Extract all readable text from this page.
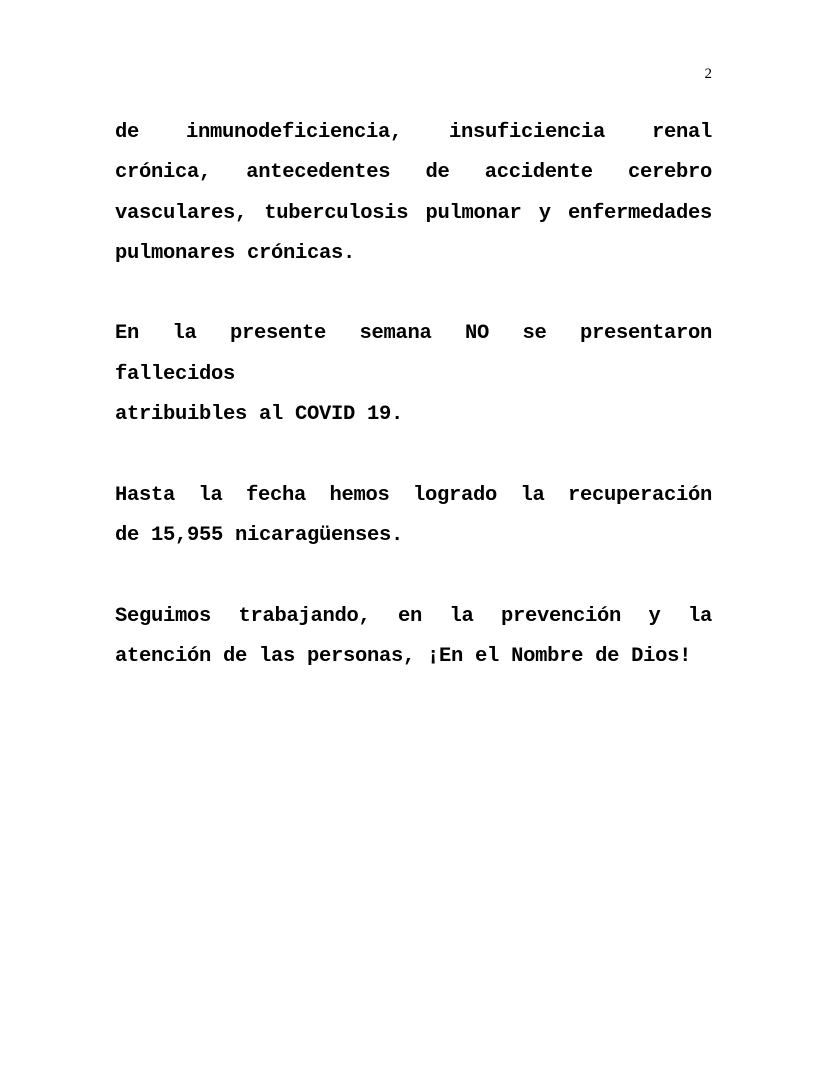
2
de inmunodeficiencia, insuficiencia renal
crónica, antecedentes de accidente cerebro
vasculares, tuberculosis pulmonar y enfermedades
pulmonares crónicas.
En la presente semana NO se presentaron fallecidos
atribuibles al COVID 19.
Hasta la fecha hemos logrado la recuperación
de 15,955 nicaragüenses.
Seguimos trabajando, en la prevención y la
atención de las personas, ¡En el Nombre de Dios!
